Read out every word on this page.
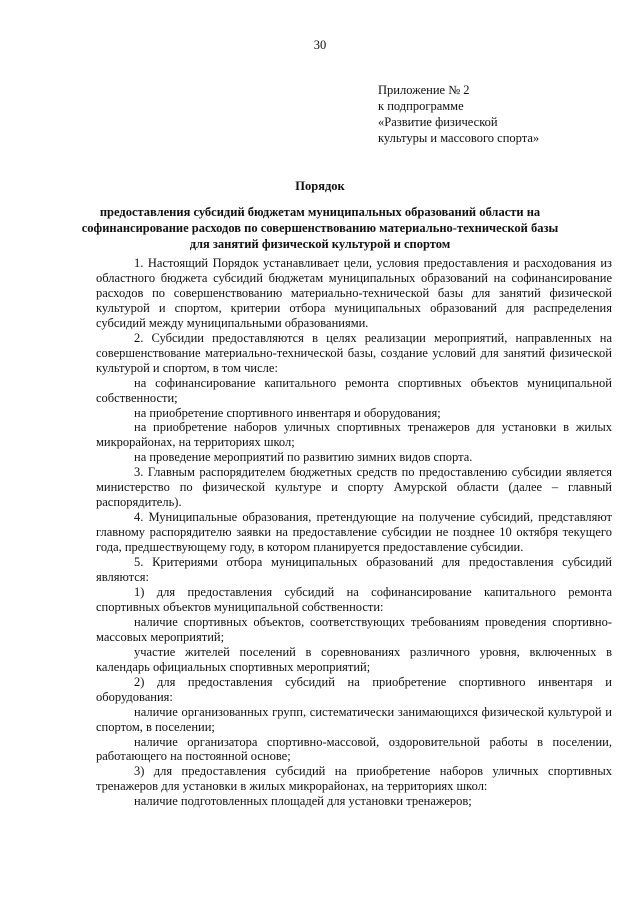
30
Приложение № 2
к подпрограмме
«Развитие физической
культуры и массового спорта»
Порядок
предоставления субсидий бюджетам муниципальных образований области на
софинансирование расходов по совершенствованию материально-технической базы
для занятий физической культурой и спортом

1. Настоящий Порядок устанавливает цели, условия предоставления и расходования из областного бюджета субсидий бюджетам муниципальных образований на софинансирование расходов по совершенствованию материально-технической базы для занятий физической культурой и спортом, критерии отбора муниципальных образований для распределения субсидий между муниципальными образованиями.

2. Субсидии предоставляются в целях реализации мероприятий, направленных на совершенствование материально-технической базы, создание условий для занятий физической культурой и спортом, в том числе:

на софинансирование капитального ремонта спортивных объектов муниципальной собственности;

на приобретение спортивного инвентаря и оборудования;

на приобретение наборов уличных спортивных тренажеров для установки в жилых микрорайонах, на территориях школ;

на проведение мероприятий по развитию зимних видов спорта.

3. Главным распорядителем бюджетных средств по предоставлению субсидии является министерство по физической культуре и спорту Амурской области (далее – главный распорядитель).

4. Муниципальные образования, претендующие на получение субсидий, представляют главному распорядителю заявки на предоставление субсидии не позднее 10 октября текущего года, предшествующему году, в котором планируется предоставление субсидии.

5. Критериями отбора муниципальных образований для предоставления субсидий являются:

1) для предоставления субсидий на софинансирование капитального ремонта спортивных объектов муниципальной собственности:

наличие спортивных объектов, соответствующих требованиям проведения спортивно-массовых мероприятий;

участие жителей поселений в соревнованиях различного уровня, включенных в календарь официальных спортивных мероприятий;

2) для предоставления субсидий на приобретение спортивного инвентаря и оборудования:

наличие организованных групп, систематически занимающихся физической культурой и спортом, в поселении;

наличие организатора спортивно-массовой, оздоровительной работы в поселении, работающего на постоянной основе;

3) для предоставления субсидий на приобретение наборов уличных спортивных тренажеров для установки в жилых микрорайонах, на территориях школ:

наличие подготовленных площадей для установки тренажеров;
